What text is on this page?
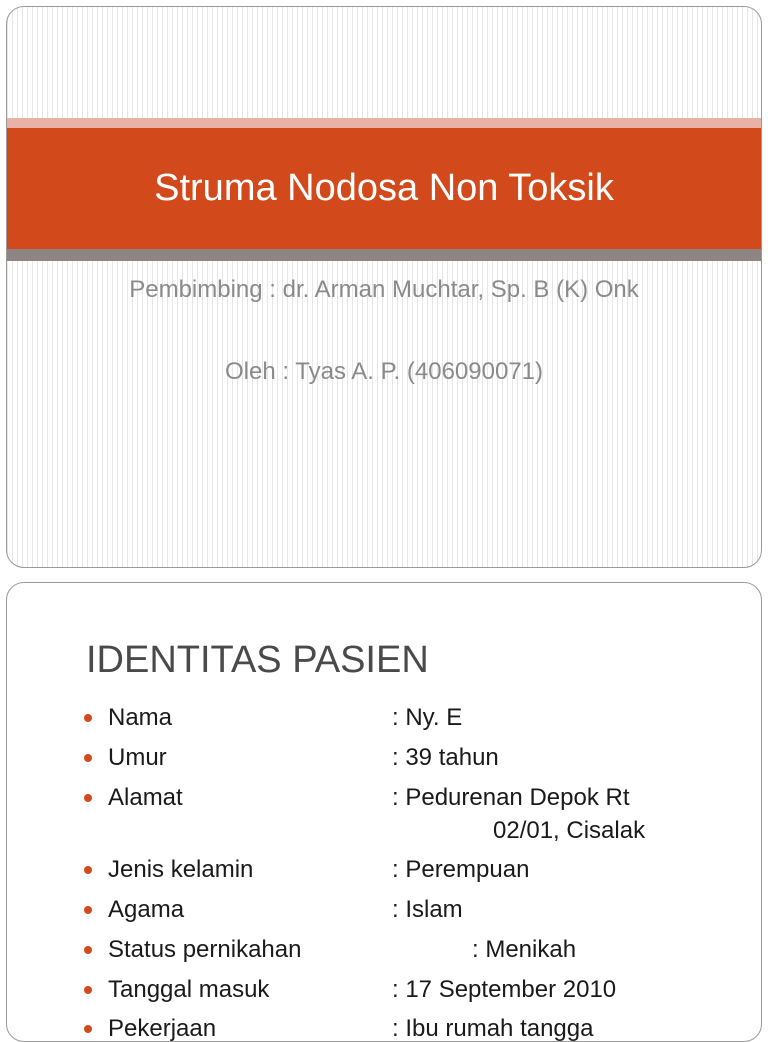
Struma Nodosa Non Toksik

Pembimbing : dr. Arman Muchtar, Sp. B (K) Onk

Oleh : Tyas A. P. (406090071)

IDENTITAS PASIEN
Nama	: Ny. E
Umur	: 39 tahun
Alamat	: Pedurenan Depok Rt
02/01, Cisalak
Jenis kelamin	: Perempuan
Agama	: Islam
Status pernikahan	: Menikah
Tanggal masuk	: 17 September 2010
Pekerjaan	: Ibu rumah tangga
